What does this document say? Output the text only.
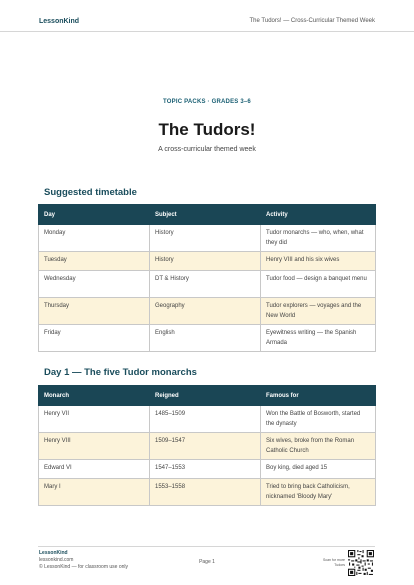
LessonKind	The Tudors! — Cross-Curricular Themed Week
TOPIC PACKS · GRADES 3–6
The Tudors!
A cross-curricular themed week
Suggested timetable
Day	Subject	Activity
Monday	History	Tudor monarchs — who, when, what they did
Tuesday	History	Henry VIII and his six wives
Wednesday	DT & History	Tudor food — design a banquet menu
Thursday	Geography	Tudor explorers — voyages and the New World
Friday	English	Eyewitness writing — the Spanish Armada
Day 1 — The five Tudor monarchs
Monarch	Reigned	Famous for
Henry VII	1485–1509	Won the Battle of Bosworth, started the dynasty
Henry VIII	1509–1547	Six wives, broke from the Roman Catholic Church
Edward VI	1547–1553	Boy king, died aged 15
Mary I	1553–1558	Tried to bring back Catholicism, nicknamed 'Bloody Mary'
LessonKind
lessonkind.com
© LessonKind — for classroom use only
Page 1	Scan for more Tudors
